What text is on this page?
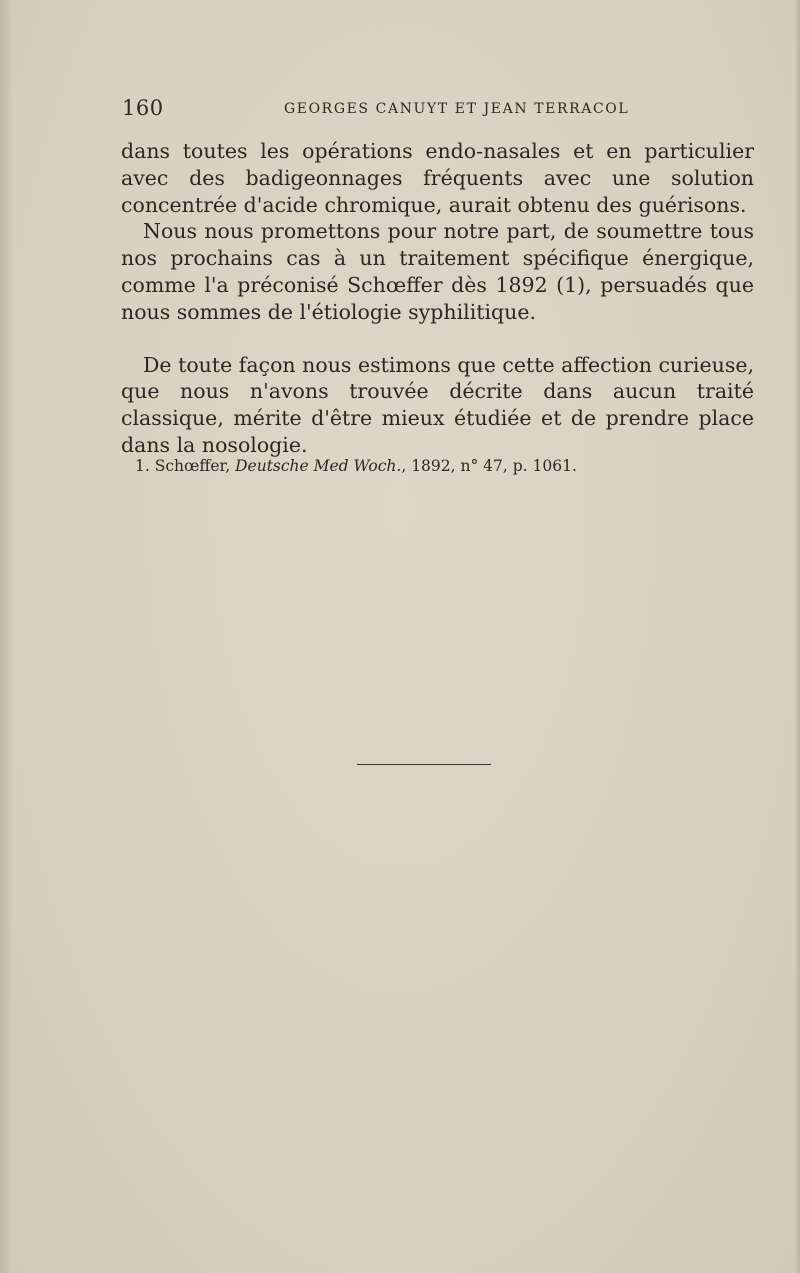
160	GEORGES CANUYT ET JEAN TERRACOL

dans toutes les opérations endo-nasales et en particulier avec des badigeonnages fréquents avec une solution concentrée d'acide chromique, aurait obtenu des guérisons.

Nous nous promettons pour notre part, de soumettre tous nos prochains cas à un traitement spécifique énergique, comme l'a préconisé Schœffer dès 1892 (1), persuadés que nous sommes de l'étiologie syphilitique.

De toute façon nous estimons que cette affection curieuse, que nous n'avons trouvée décrite dans aucun traité classique, mérite d'être mieux étudiée et de prendre place dans la nosologie.

1. Schœffer, Deutsche Med Woch., 1892, n° 47, p. 1061.
